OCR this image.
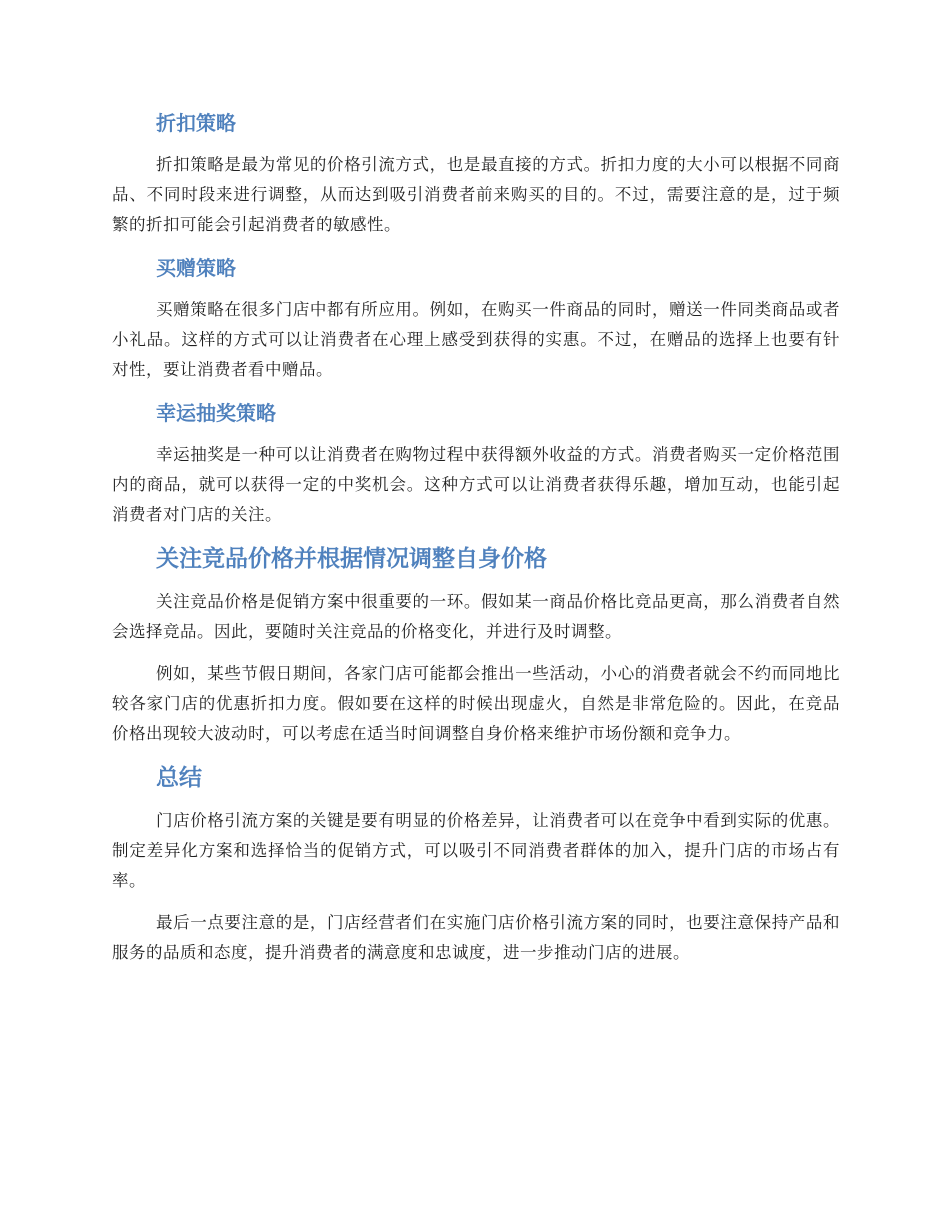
折扣策略

折扣策略是最为常见的价格引流方式，也是最直接的方式。折扣力度的大小可以根据不同商品、不同时段来进行调整，从而达到吸引消费者前来购买的目的。不过，需要注意的是，过于频繁的折扣可能会引起消费者的敏感性。

买赠策略

买赠策略在很多门店中都有所应用。例如，在购买一件商品的同时，赠送一件同类商品或者小礼品。这样的方式可以让消费者在心理上感受到获得的实惠。不过，在赠品的选择上也要有针对性，要让消费者看中赠品。

幸运抽奖策略

幸运抽奖是一种可以让消费者在购物过程中获得额外收益的方式。消费者购买一定价格范围内的商品，就可以获得一定的中奖机会。这种方式可以让消费者获得乐趣，增加互动，也能引起消费者对门店的关注。

关注竞品价格并根据情况调整自身价格

关注竞品价格是促销方案中很重要的一环。假如某一商品价格比竞品更高，那么消费者自然会选择竞品。因此，要随时关注竞品的价格变化，并进行及时调整。

例如，某些节假日期间，各家门店可能都会推出一些活动，小心的消费者就会不约而同地比较各家门店的优惠折扣力度。假如要在这样的时候出现虚火，自然是非常危险的。因此，在竞品价格出现较大波动时，可以考虑在适当时间调整自身价格来维护市场份额和竞争力。

总结

门店价格引流方案的关键是要有明显的价格差异，让消费者可以在竞争中看到实际的优惠。制定差异化方案和选择恰当的促销方式，可以吸引不同消费者群体的加入，提升门店的市场占有率。

最后一点要注意的是，门店经营者们在实施门店价格引流方案的同时，也要注意保持产品和服务的品质和态度，提升消费者的满意度和忠诚度，进一步推动门店的进展。
